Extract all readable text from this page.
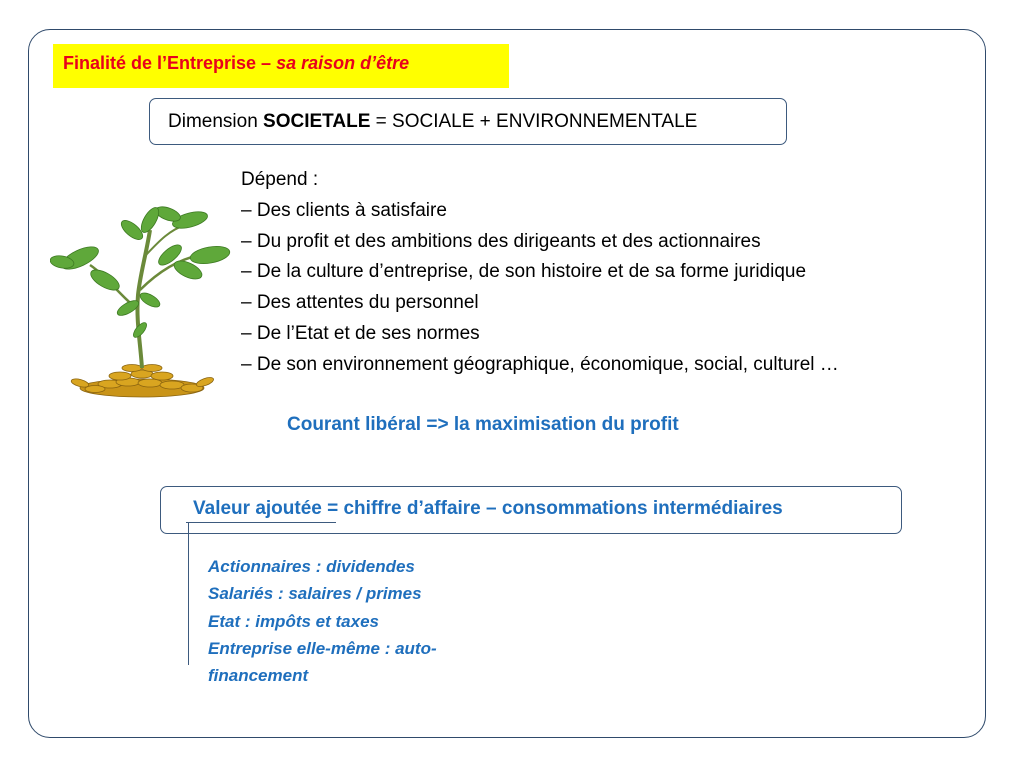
Finalité de l’Entreprise – sa raison d’être
Dimension SOCIETALE = SOCIALE + ENVIRONNEMENTALE
Dépend :
– Des clients à satisfaire
– Du profit et des ambitions des dirigeants et des actionnaires
– De la culture d’entreprise, de son histoire et de sa forme juridique
– Des attentes du personnel
– De l’Etat et de ses normes
– De son environnement géographique, économique, social, culturel …
Courant libéral => la maximisation du profit
Valeur ajoutée = chiffre d’affaire – consommations intermédiaires
Actionnaires : dividendes
Salariés : salaires / primes
Etat : impôts et taxes
Entreprise elle-même : auto-financement
